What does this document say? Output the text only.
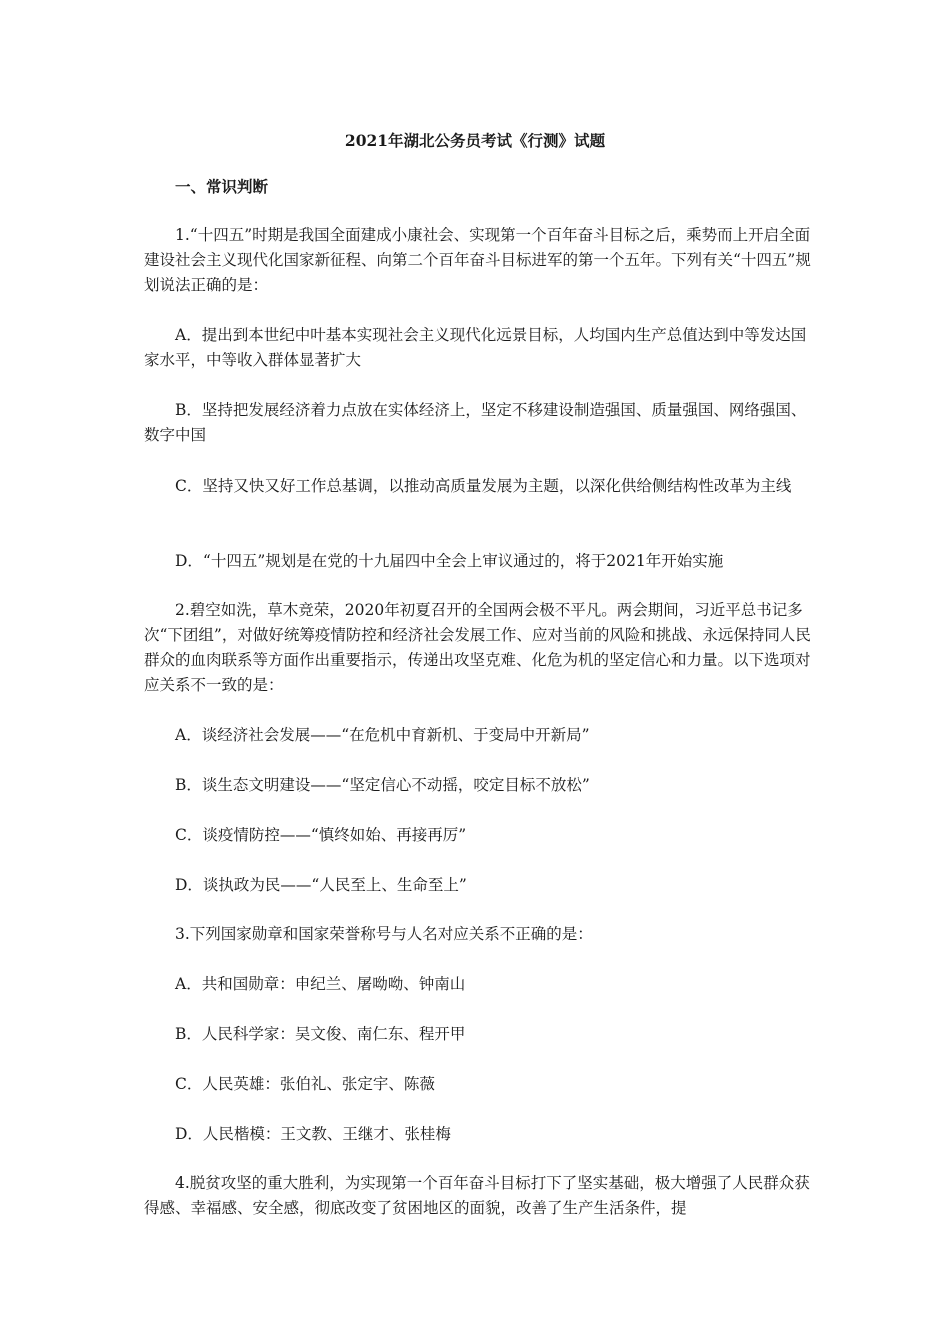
2021年湖北公务员考试《行测》试题
一、常识判断

1.“十四五”时期是我国全面建成小康社会、实现第一个百年奋斗目标之后，乘势而上开启全面建设社会主义现代化国家新征程、向第二个百年奋斗目标进军的第一个五年。下列有关“十四五”规划说法正确的是：

A．提出到本世纪中叶基本实现社会主义现代化远景目标，人均国内生产总值达到中等发达国家水平，中等收入群体显著扩大

B．坚持把发展经济着力点放在实体经济上，坚定不移建设制造强国、质量强国、网络强国、数字中国

C．坚持又快又好工作总基调，以推动高质量发展为主题，以深化供给侧结构性改革为主线

D．“十四五”规划是在党的十九届四中全会上审议通过的，将于2021年开始实施

2.碧空如洗，草木竞荣，2020年初夏召开的全国两会极不平凡。两会期间，习近平总书记多次“下团组”，对做好统筹疫情防控和经济社会发展工作、应对当前的风险和挑战、永远保持同人民群众的血肉联系等方面作出重要指示，传递出攻坚克难、化危为机的坚定信心和力量。以下选项对应关系不一致的是：

A．谈经济社会发展——“在危机中育新机、于变局中开新局”

B．谈生态文明建设——“坚定信心不动摇，咬定目标不放松”

C．谈疫情防控——“慎终如始、再接再厉”

D．谈执政为民——“人民至上、生命至上”

3.下列国家勋章和国家荣誉称号与人名对应关系不正确的是：

A．共和国勋章：申纪兰、屠呦呦、钟南山

B．人民科学家：吴文俊、南仁东、程开甲

C．人民英雄：张伯礼、张定宇、陈薇

D．人民楷模：王文教、王继才、张桂梅

4.脱贫攻坚的重大胜利，为实现第一个百年奋斗目标打下了坚实基础，极大增强了人民群众获得感、幸福感、安全感，彻底改变了贫困地区的面貌，改善了生产生活条件，提
